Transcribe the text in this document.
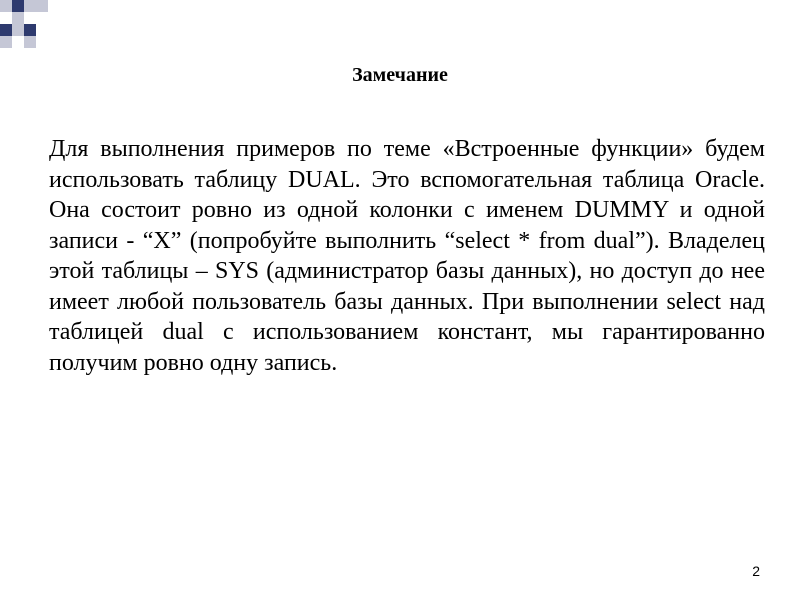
Замечание

Для выполнения примеров по теме «Встроенные функции» будем использовать таблицу DUAL. Это вспомогательная таблица Oracle. Она состоит ровно из одной колонки с именем DUMMY и одной записи - “X” (попробуйте выполнить “select * from dual”). Владелец этой таблицы – SYS (администратор базы данных), но доступ до нее имеет любой пользователь базы данных. При выполнении select над таблицей dual с использованием констант, мы гарантированно получим ровно одну запись.

2
